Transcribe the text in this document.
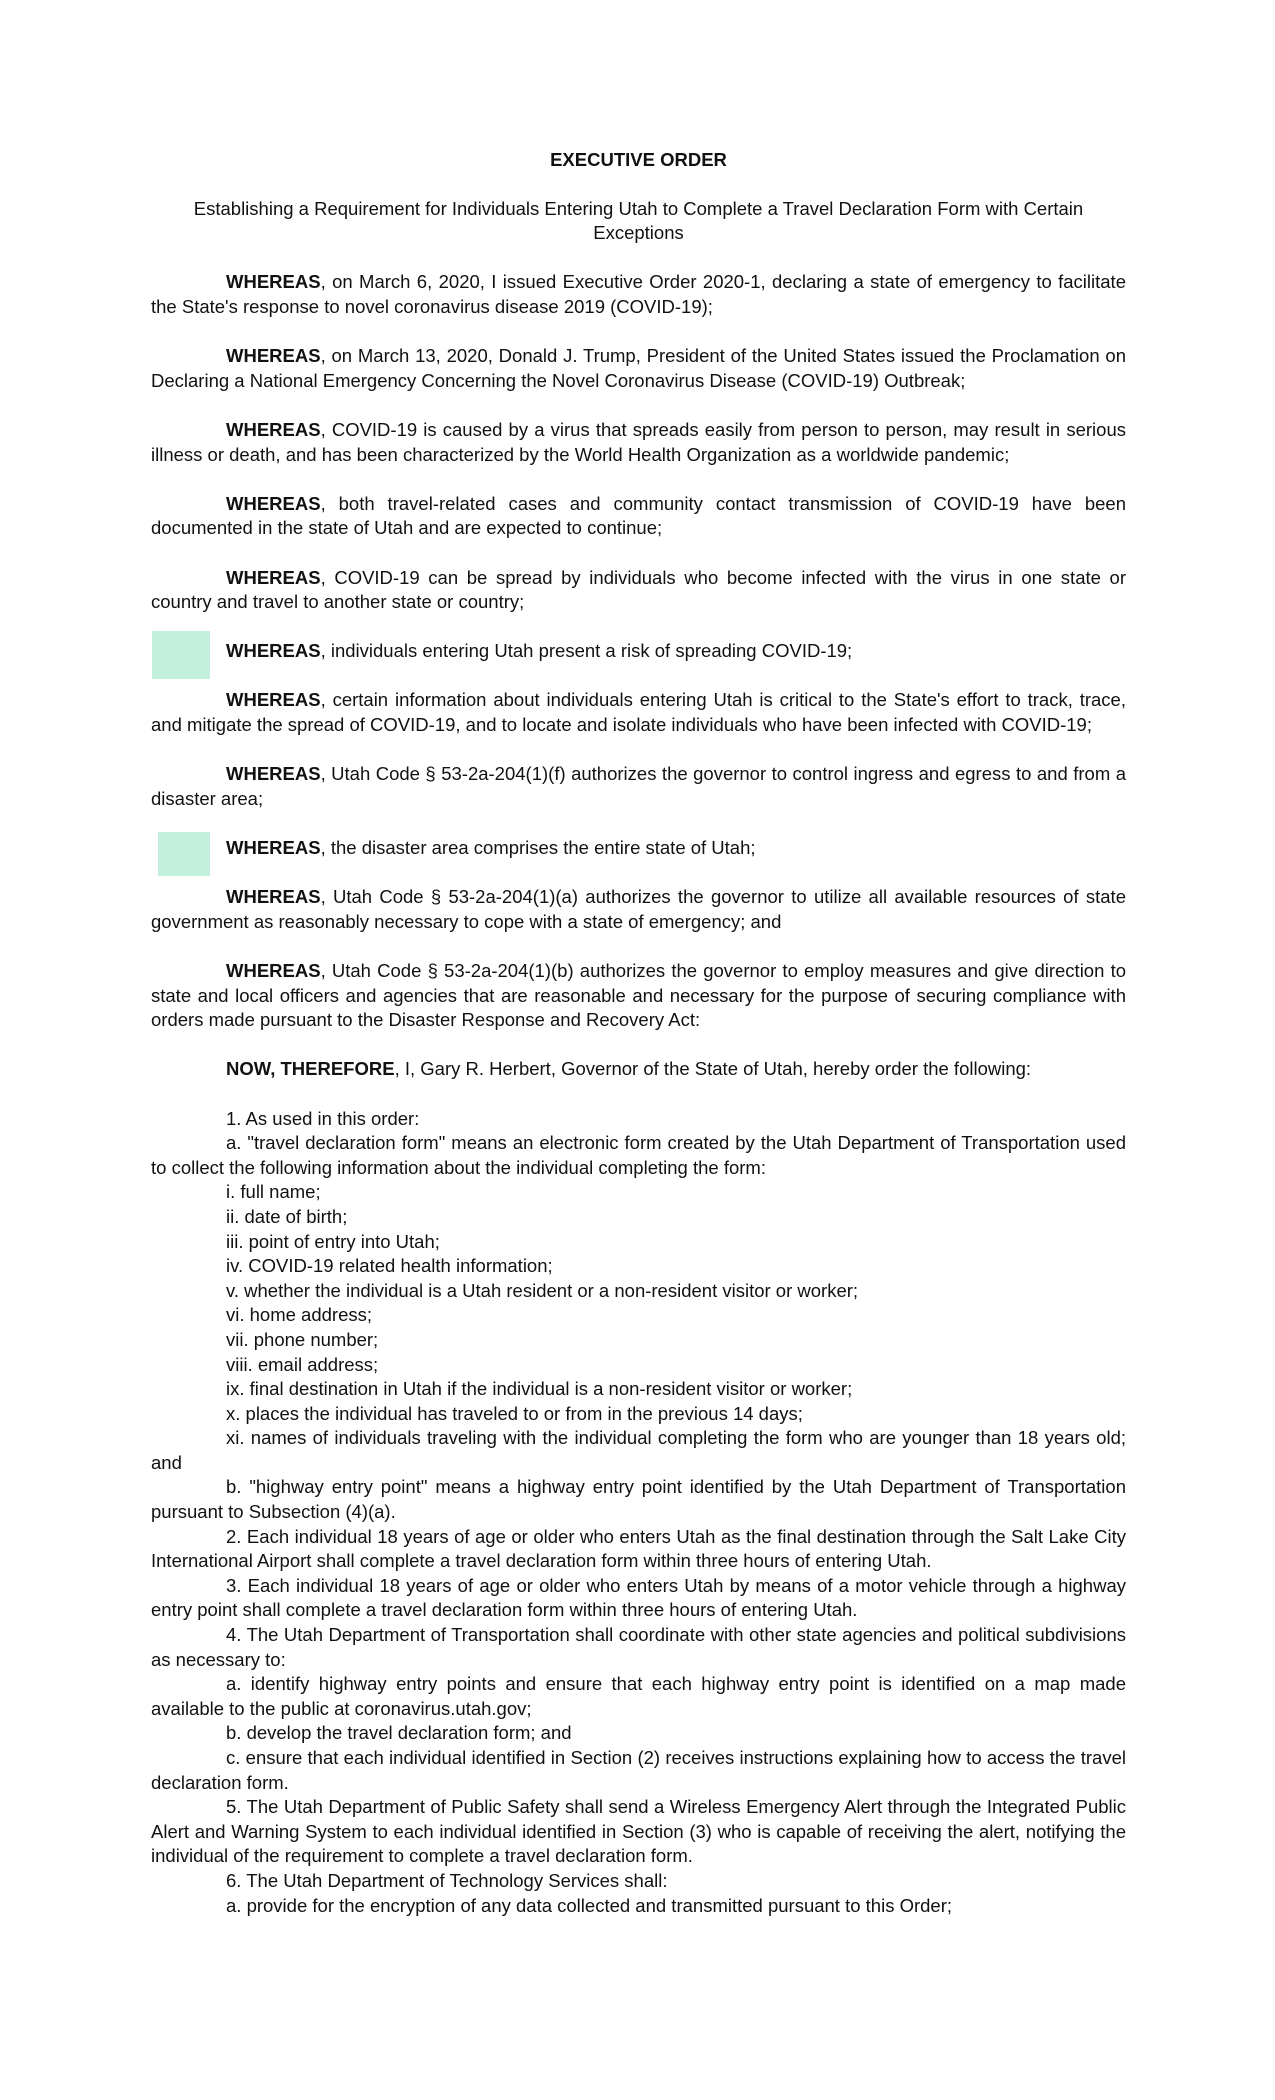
EXECUTIVE ORDER

Establishing a Requirement for Individuals Entering Utah to Complete a Travel Declaration Form with Certain

Exceptions

WHEREAS, on March 6, 2020, I issued Executive Order 2020-1, declaring a state of emergency to facilitate the State's response to novel coronavirus disease 2019 (COVID-19);

WHEREAS, on March 13, 2020, Donald J. Trump, President of the United States issued the Proclamation on Declaring a National Emergency Concerning the Novel Coronavirus Disease (COVID-19) Outbreak;

WHEREAS, COVID-19 is caused by a virus that spreads easily from person to person, may result in serious illness or death, and has been characterized by the World Health Organization as a worldwide pandemic;

WHEREAS, both travel-related cases and community contact transmission of COVID-19 have been documented in the state of Utah and are expected to continue;

WHEREAS, COVID-19 can be spread by individuals who become infected with the virus in one state or country and travel to another state or country;

WHEREAS, individuals entering Utah present a risk of spreading COVID-19;

WHEREAS, certain information about individuals entering Utah is critical to the State's effort to track, trace, and mitigate the spread of COVID-19, and to locate and isolate individuals who have been infected with COVID-19;

WHEREAS, Utah Code § 53-2a-204(1)(f) authorizes the governor to control ingress and egress to and from a disaster area;

WHEREAS, the disaster area comprises the entire state of Utah;

WHEREAS, Utah Code § 53-2a-204(1)(a) authorizes the governor to utilize all available resources of state government as reasonably necessary to cope with a state of emergency; and

WHEREAS, Utah Code § 53-2a-204(1)(b) authorizes the governor to employ measures and give direction to state and local officers and agencies that are reasonable and necessary for the purpose of securing compliance with orders made pursuant to the Disaster Response and Recovery Act:

NOW, THEREFORE, I, Gary R. Herbert, Governor of the State of Utah, hereby order the following:

1. As used in this order:

a. "travel declaration form" means an electronic form created by the Utah Department of Transportation used to collect the following information about the individual completing the form:

i. full name;

ii. date of birth;

iii. point of entry into Utah;

iv. COVID-19 related health information;

v. whether the individual is a Utah resident or a non-resident visitor or worker;

vi. home address;

vii. phone number;

viii. email address;

ix. final destination in Utah if the individual is a non-resident visitor or worker;

x. places the individual has traveled to or from in the previous 14 days;

xi. names of individuals traveling with the individual completing the form who are younger than 18 years old; and

b. "highway entry point" means a highway entry point identified by the Utah Department of Transportation pursuant to Subsection (4)(a).

2. Each individual 18 years of age or older who enters Utah as the final destination through the Salt Lake City International Airport shall complete a travel declaration form within three hours of entering Utah.

3. Each individual 18 years of age or older who enters Utah by means of a motor vehicle through a highway entry point shall complete a travel declaration form within three hours of entering Utah.

4. The Utah Department of Transportation shall coordinate with other state agencies and political subdivisions as necessary to:

a. identify highway entry points and ensure that each highway entry point is identified on a map made available to the public at coronavirus.utah.gov;

b. develop the travel declaration form; and

c. ensure that each individual identified in Section (2) receives instructions explaining how to access the travel declaration form.

5. The Utah Department of Public Safety shall send a Wireless Emergency Alert through the Integrated Public Alert and Warning System to each individual identified in Section (3) who is capable of receiving the alert, notifying the individual of the requirement to complete a travel declaration form.

6. The Utah Department of Technology Services shall:

a. provide for the encryption of any data collected and transmitted pursuant to this Order;
